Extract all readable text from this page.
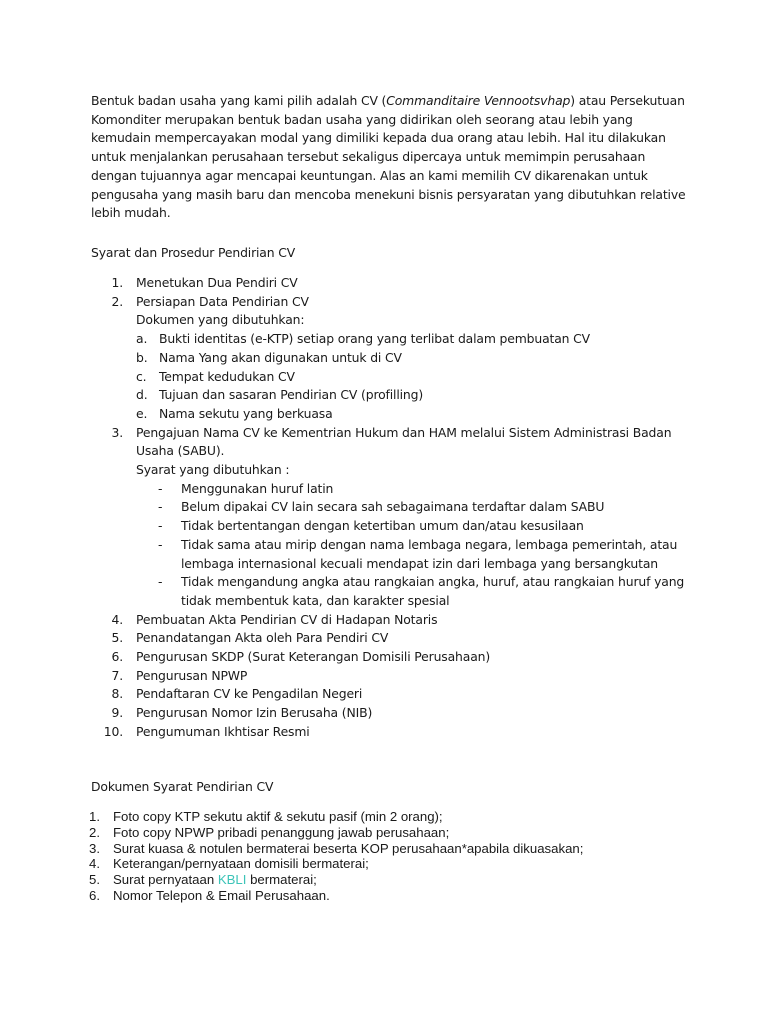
Bentuk badan usaha yang kami pilih adalah CV (Commanditaire Vennootsvhap) atau Persekutuan Komonditer merupakan bentuk badan usaha yang didirikan oleh seorang atau lebih yang kemudain mempercayakan modal yang dimiliki kepada dua orang atau lebih. Hal itu dilakukan untuk menjalankan perusahaan tersebut sekaligus dipercaya untuk memimpin perusahaan dengan tujuannya agar mencapai keuntungan. Alas an kami memilih CV dikarenakan untuk pengusaha yang masih baru dan mencoba menekuni bisnis persyaratan yang dibutuhkan relative lebih mudah.

Syarat dan Prosedur Pendirian CV

1. Menetukan Dua Pendiri CV
2. Persiapan Data Pendirian CV
Dokumen yang dibutuhkan:
a. Bukti identitas (e-KTP) setiap orang yang terlibat dalam pembuatan CV
b. Nama Yang akan digunakan untuk di CV
c. Tempat kedudukan CV
d. Tujuan dan sasaran Pendirian CV (profilling)
e. Nama sekutu yang berkuasa
3. Pengajuan Nama CV ke Kementrian Hukum dan HAM melalui Sistem Administrasi Badan Usaha (SABU).
Syarat yang dibutuhkan :
- Menggunakan huruf latin
- Belum dipakai CV lain secara sah sebagaimana terdaftar dalam SABU
- Tidak bertentangan dengan ketertiban umum dan/atau kesusilaan
- Tidak sama atau mirip dengan nama lembaga negara, lembaga pemerintah, atau lembaga internasional kecuali mendapat izin dari lembaga yang bersangkutan
- Tidak mengandung angka atau rangkaian angka, huruf, atau rangkaian huruf yang tidak membentuk kata, dan karakter spesial
4. Pembuatan Akta Pendirian CV di Hadapan Notaris
5. Penandatangan Akta oleh Para Pendiri CV
6. Pengurusan SKDP (Surat Keterangan Domisili Perusahaan)
7. Pengurusan NPWP
8. Pendaftaran CV ke Pengadilan Negeri
9. Pengurusan Nomor Izin Berusaha (NIB)
10. Pengumuman Ikhtisar Resmi

Dokumen Syarat Pendirian CV

1. Foto copy KTP sekutu aktif & sekutu pasif (min 2 orang);
2. Foto copy NPWP pribadi penanggung jawab perusahaan;
3. Surat kuasa & notulen bermaterai beserta KOP perusahaan*apabila dikuasakan;
4. Keterangan/pernyataan domisili bermaterai;
5. Surat pernyataan KBLI bermaterai;
6. Nomor Telepon & Email Perusahaan.
